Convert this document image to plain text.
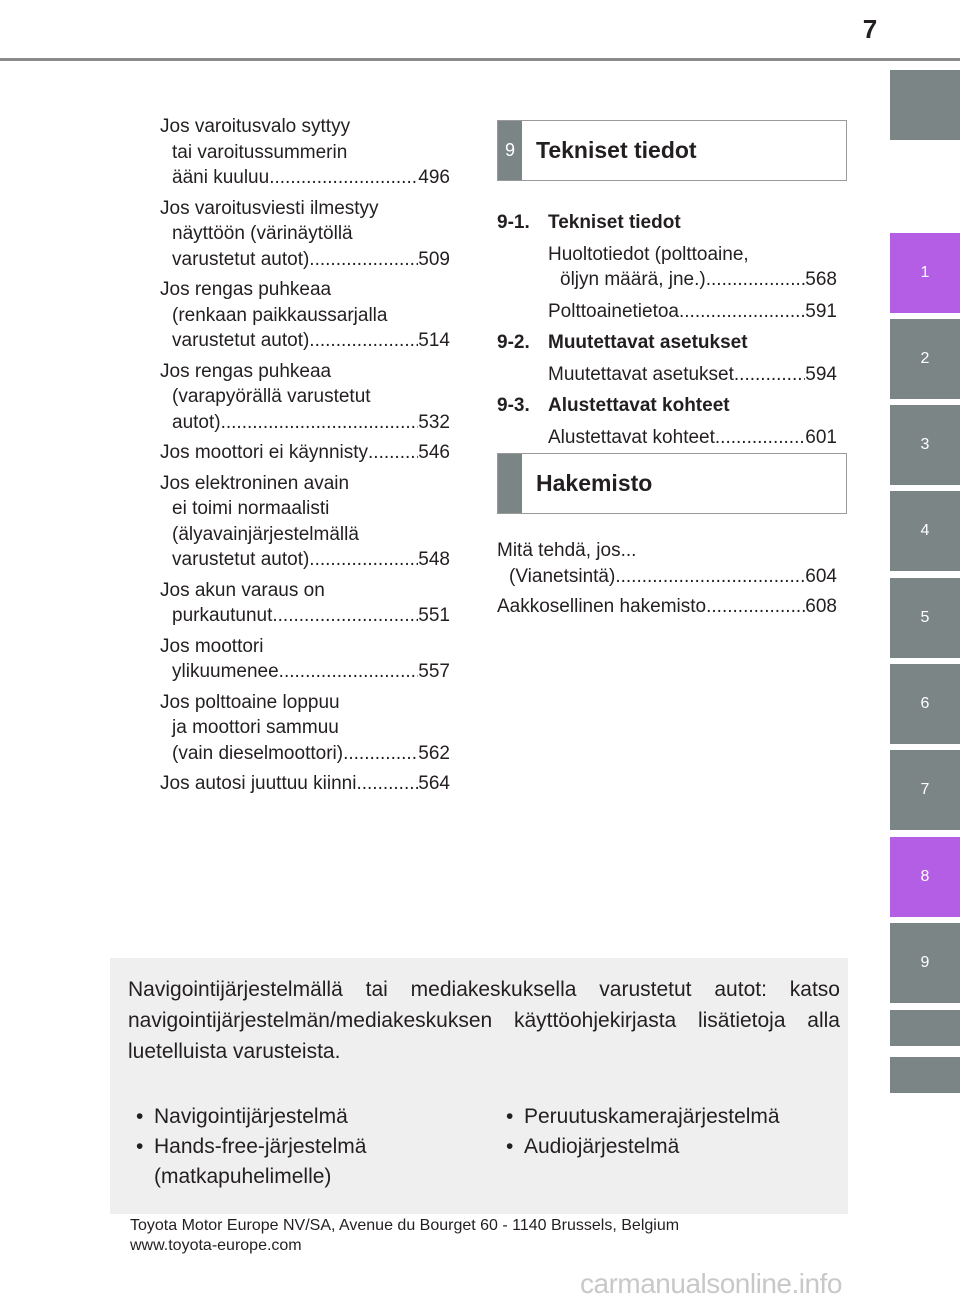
7
1
2
3
4
5
6
7
8
9
Jos varoitusvalo syttyy
tai varoitussummerin
ääni kuuluu .....	496
Jos varoitusviesti ilmestyy
näyttöön (värinäytöllä
varustetut autot) .....	509
Jos rengas puhkeaa
(renkaan paikkaussarjalla
varustetut autot) .....	514
Jos rengas puhkeaa
(varapyörällä varustetut
autot) .....	532
Jos moottori ei käynnisty .....	546
Jos elektroninen avain
ei toimi normaalisti
(älyavainjärjestelmällä
varustetut autot) .....	548
Jos akun varaus on
purkautunut .....	551
Jos moottori
ylikuumenee .....	557
Jos polttoaine loppuu
ja moottori sammuu
(vain dieselmoottori) .....	562
Jos autosi juuttuu kiinni .....	564
9 Tekniset tiedot
9-1. Tekniset tiedot
Huoltotiedot (polttoaine,
öljyn määrä, jne.) .....	568
Polttoainetietoa .....	591
9-2. Muutettavat asetukset
Muutettavat asetukset .....	594
9-3. Alustettavat kohteet
Alustettavat kohteet .....	601
Hakemisto
Mitä tehdä, jos...
(Vianetsintä) .....	604
Aakkosellinen hakemisto .....	608
Navigointijärjestelmällä tai mediakeskuksella varustetut autot: katso navigointijärjestelmän/mediakeskuksen käyttöohjekirjasta lisätietoja alla luetelluista varusteista.
• Navigointijärjestelmä
• Hands-free-järjestelmä (matkapuhelimelle)
• Peruutuskamerajärjestelmä
• Audiojärjestelmä
Toyota Motor Europe NV/SA, Avenue du Bourget 60 - 1140 Brussels, Belgium
www.toyota-europe.com
carmanualsonline.info
